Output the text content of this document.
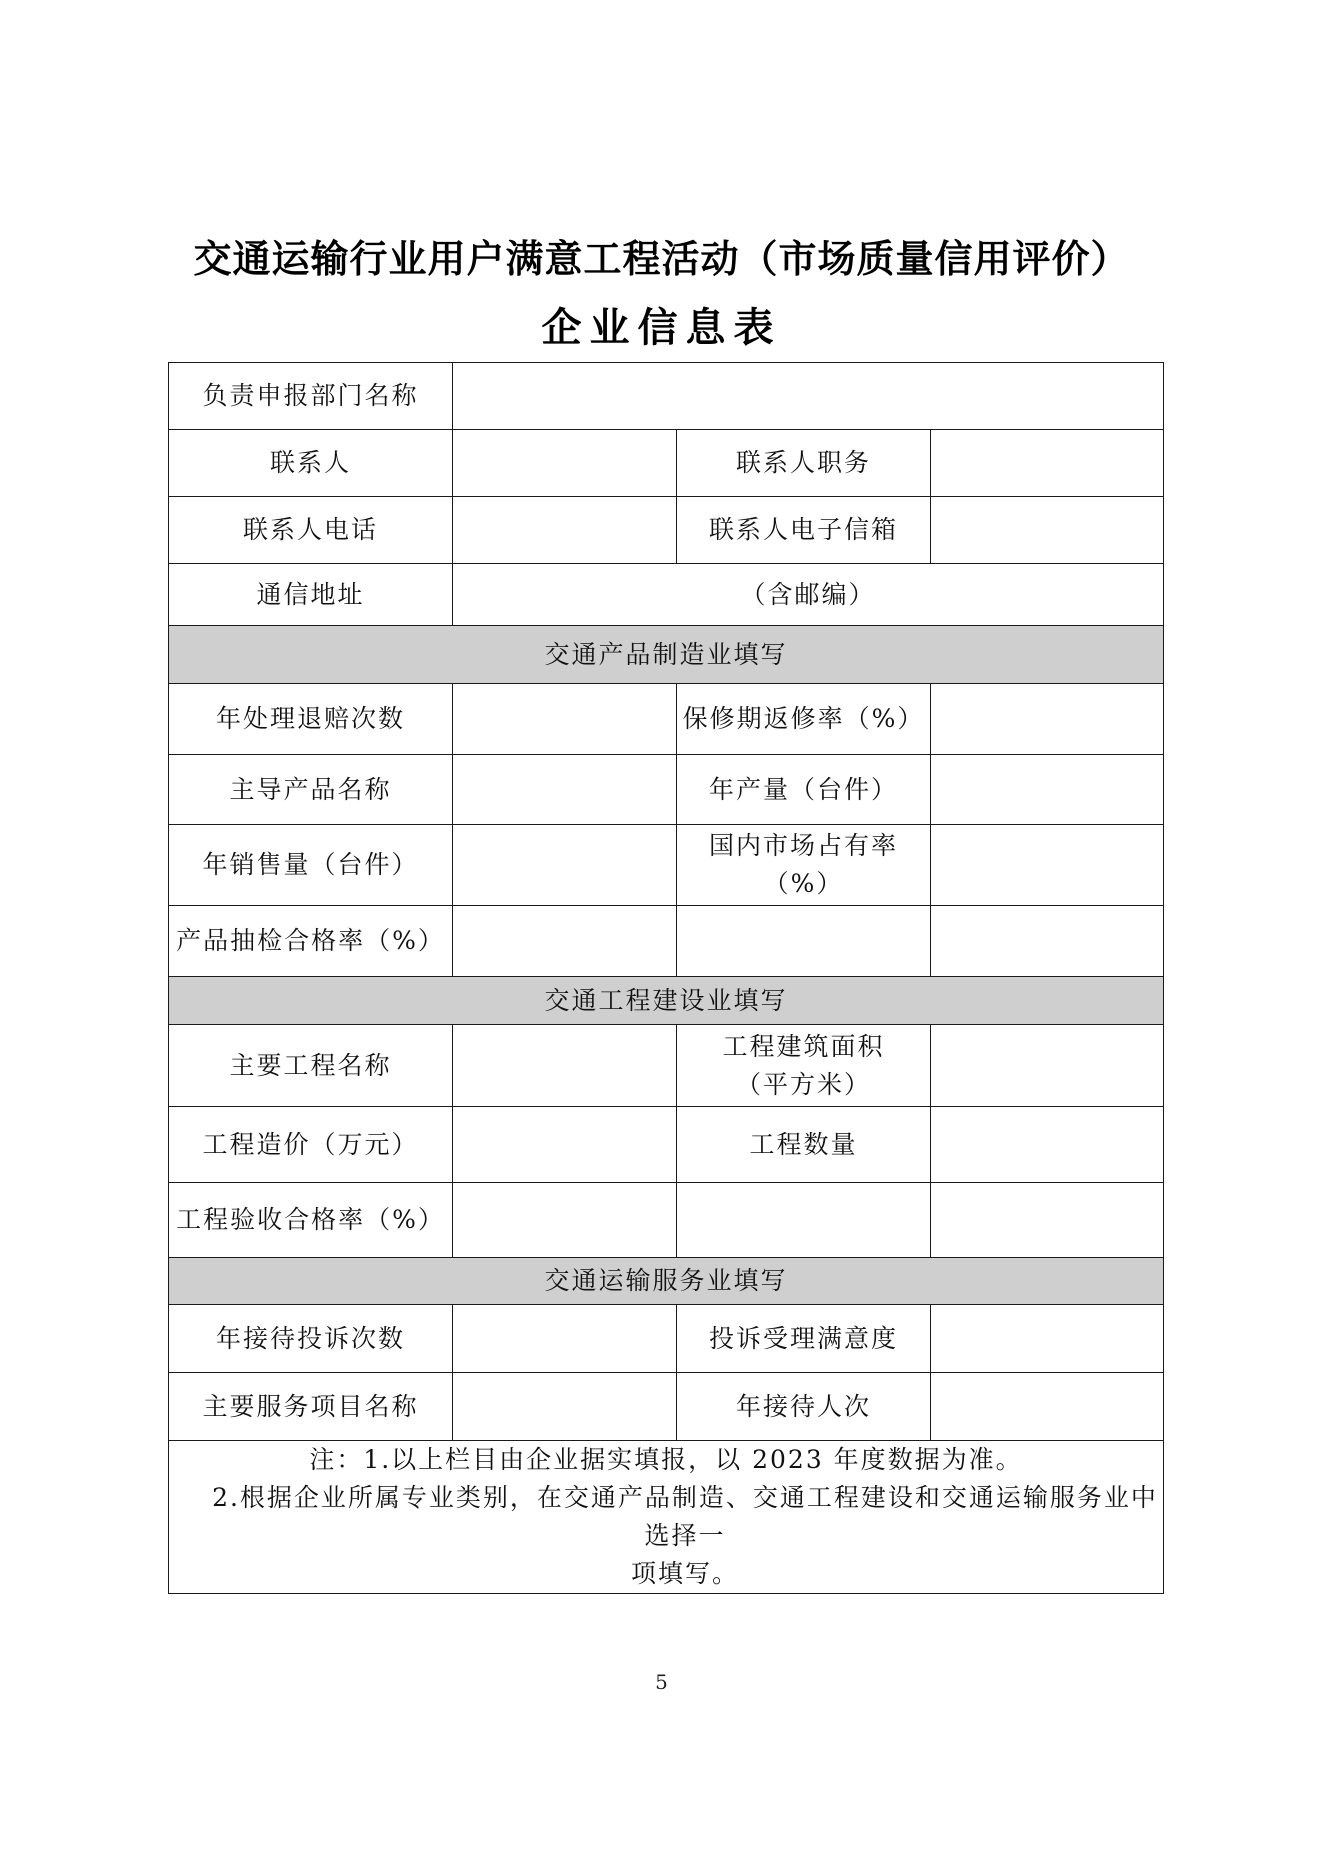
交通运输行业用户满意工程活动（市场质量信用评价）
企业信息表
负责申报部门名称			
联系人		联系人职务	
联系人电话		联系人电子信箱	
通信地址	（含邮编）		
交通产品制造业填写			
年处理退赔次数		保修期返修率（%）	
主导产品名称		年产量（台件）	
年销售量（台件）		国内市场占有率
（%）	

产品抽检合格率（%）			
交通工程建设业填写			
主要工程名称		工程建筑面积
（平方米）	

工程造价（万元）		工程数量	
工程验收合格率（%）			
交通运输服务业填写			
年接待投诉次数		投诉受理满意度	
主要服务项目名称		年接待人次	

注：1.以上栏目由企业据实填报，以 2023 年度数据为准。
2.根据企业所属专业类别，在交通产品制造、交通工程建设和交通运输服务业中选择一
项填写。			
5
